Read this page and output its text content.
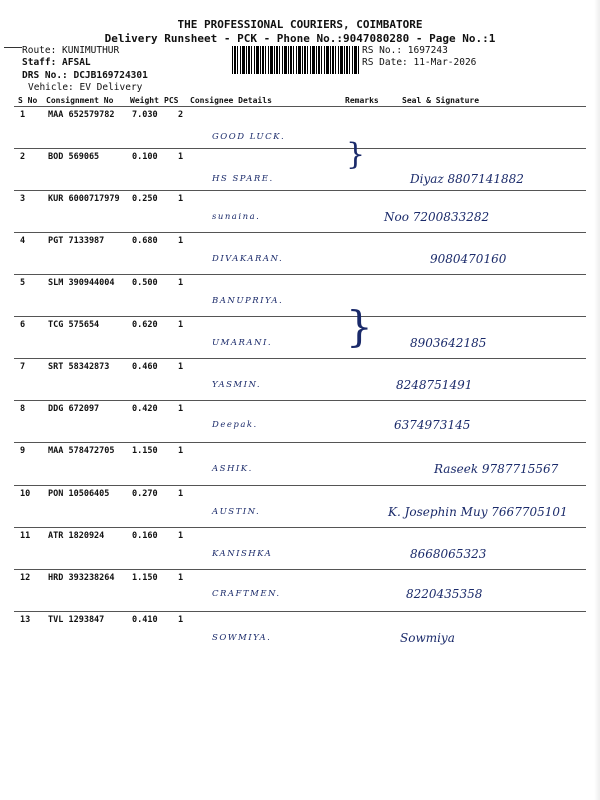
THE PROFESSIONAL COURIERS, COIMBATORE
Delivery Runsheet - PCK - Phone No.:9047080280 - Page No.:1
Route: KUNIMUTHUR
Staff: AFSAL
DRS No.: DCJB169724301
Vehicle: EV Delivery
RS No.: 1697243
RS Date: 11-Mar-2026
S No Consignment No Weight PCS Consignee Details	Remarks	Seal & Signature
1	MAA 652579782 7.030 2
GOOD LUCK.
2	BOD 569065	0.100 1
HS SPARE.	Diyaz 8807141882
3	KUR 6000717979 0.250 1
sunaina.	Noo 7200833282
4	PGT 7133987	0.680 1
DIVAKARAN.	9080470160
5	SLM 390944004 0.500 1
BANUPRIYA.
6	TCG 575654	0.620 1
UMARANI.	8903642185
7	SRT 58342873	0.460 1
YASMIN.	8248751491
8	DDG 672097	0.420 1
Deepak.	6374973145
9	MAA 578472705 1.150 1
ASHIK.	Raseek 9787715567
10 PON 10506405	0.270 1
AUSTIN.	K. Josephin Muy 7667705101
11 ATR 1820924	0.160 1
KANISHKA	8668065323
12 HRD 393238264 1.150 1
CRAFTMEN.	8220435358
13 TVL 1293847	0.410 1
SOWMIYA.	Sowmiya
}
}
